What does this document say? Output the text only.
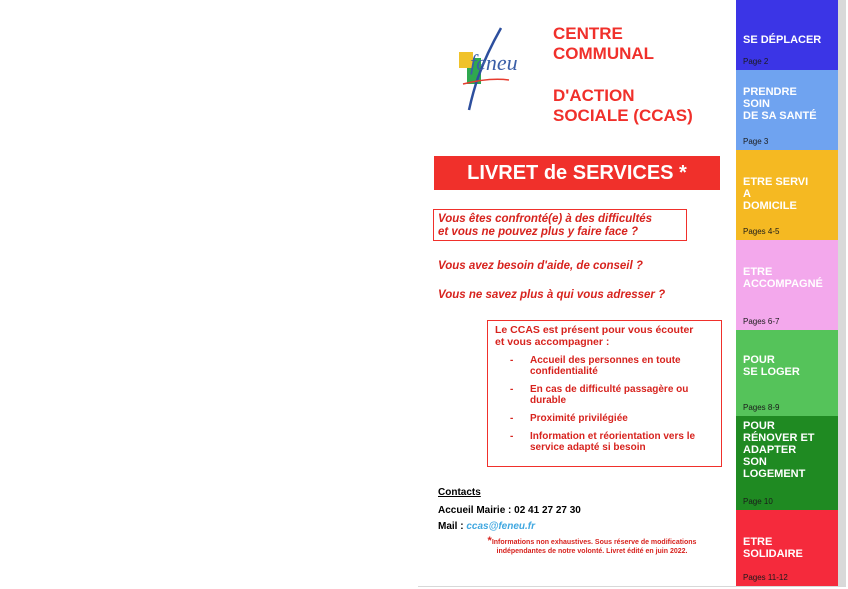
feneu
CENTRE
COMMUNAL
D'ACTION
SOCIALE (CCAS)
LIVRET de SERVICES *
Vous êtes confronté(e) à des difficultés
et vous ne pouvez plus y faire face ?
Vous avez besoin d'aide, de conseil ?
Vous ne savez plus à qui vous adresser ?
Le CCAS est présent pour vous écouter
et vous accompagner :
- Accueil des personnes en toute confidentialité
- En cas de difficulté passagère ou durable
- Proximité privilégiée
- Information et réorientation vers le service adapté si besoin
Contacts
Accueil Mairie : 02 41 27 27 30
Mail : ccas@feneu.fr
*Informations non exhaustives. Sous réserve de modifications
indépendantes de notre volonté. Livret édité en juin 2022.
SE DÉPLACER
Page 2
PRENDRE
SOIN
DE SA SANTÉ
Page 3
ETRE SERVI
A
DOMICILE
Pages 4-5
ETRE
ACCOMPAGNÉ
Pages 6-7
POUR
SE LOGER
Pages 8-9
POUR
RÉNOVER ET
ADAPTER
SON
LOGEMENT
Page 10
ETRE
SOLIDAIRE
Pages 11-12
